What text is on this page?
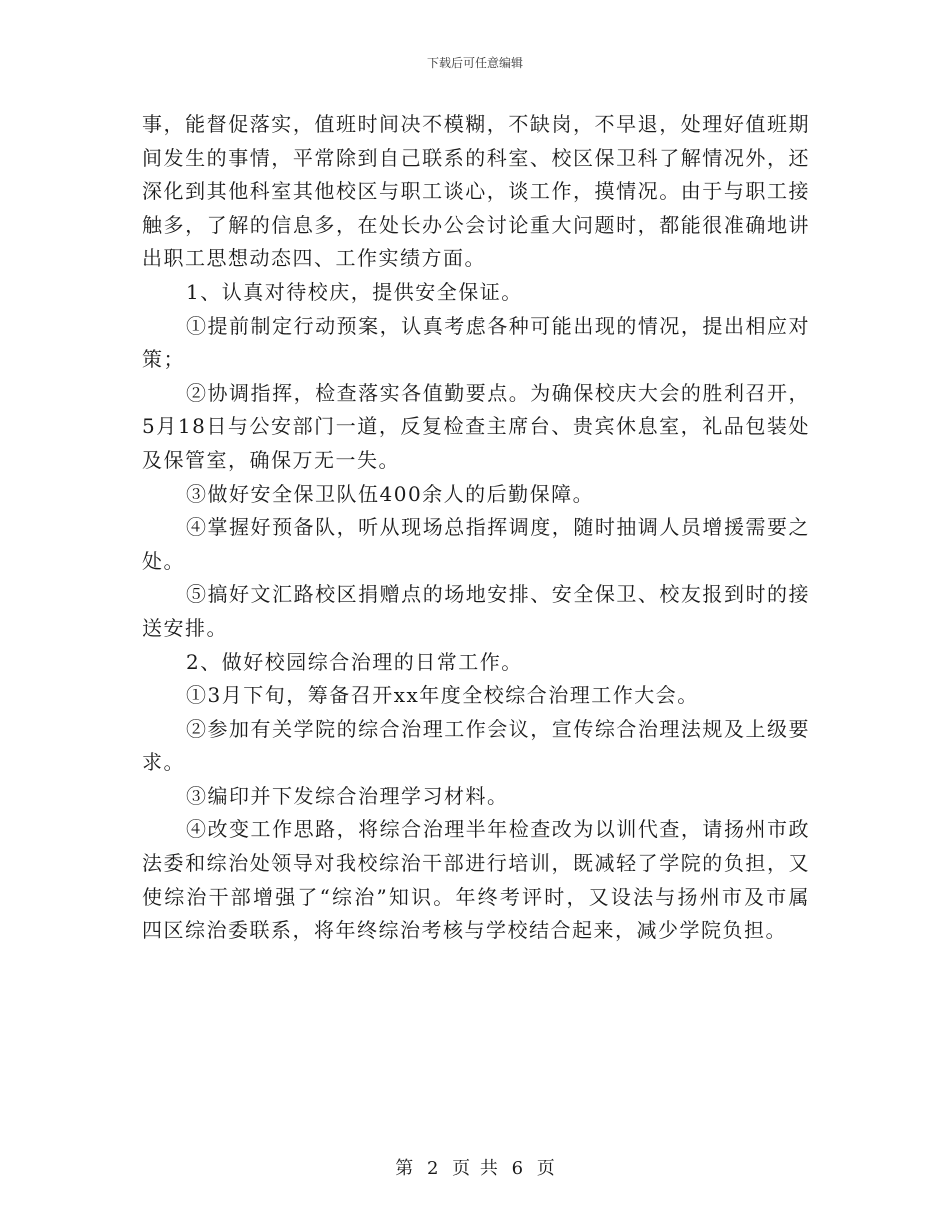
下载后可任意编辑

事，能督促落实，值班时间决不模糊，不缺岗，不早退，处理好值班期间发生的事情，平常除到自己联系的科室、校区保卫科了解情况外，还深化到其他科室其他校区与职工谈心，谈工作，摸情况。由于与职工接触多，了解的信息多，在处长办公会讨论重大问题时，都能很准确地讲出职工思想动态四、工作实绩方面。

1、认真对待校庆，提供安全保证。

①提前制定行动预案，认真考虑各种可能出现的情况，提出相应对策；

②协调指挥，检查落实各值勤要点。为确保校庆大会的胜利召开，5月18日与公安部门一道，反复检查主席台、贵宾休息室，礼品包装处及保管室，确保万无一失。

③做好安全保卫队伍400余人的后勤保障。

④掌握好预备队，听从现场总指挥调度，随时抽调人员增援需要之处。

⑤搞好文汇路校区捐赠点的场地安排、安全保卫、校友报到时的接送安排。

2、做好校园综合治理的日常工作。

①3月下旬，筹备召开xx年度全校综合治理工作大会。

②参加有关学院的综合治理工作会议，宣传综合治理法规及上级要求。

③编印并下发综合治理学习材料。

④改变工作思路，将综合治理半年检查改为以训代查，请扬州市政法委和综治处领导对我校综治干部进行培训，既减轻了学院的负担，又使综治干部增强了“综治”知识。年终考评时，又设法与扬州市及市属四区综治委联系，将年终综治考核与学校结合起来，减少学院负担。

第 2 页 共 6 页
